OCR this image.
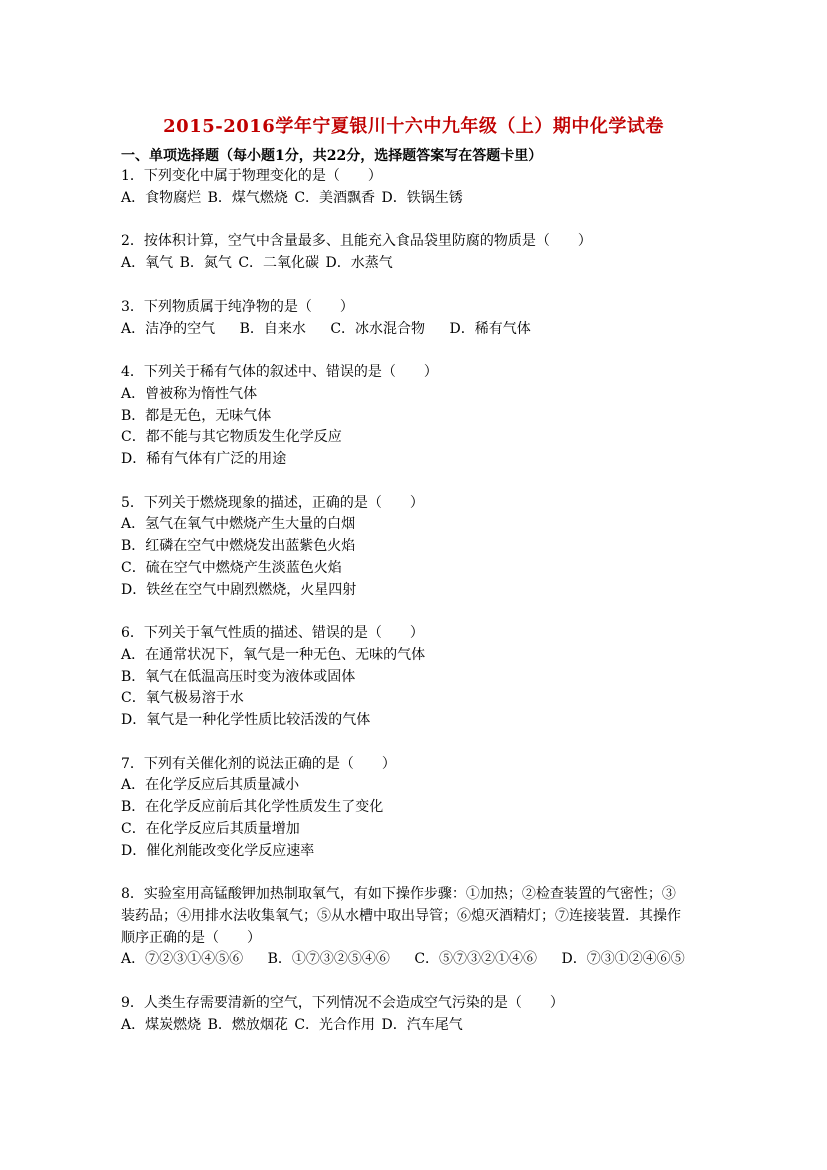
2015-2016学年宁夏银川十六中九年级（上）期中化学试卷
一、单项选择题（每小题1分，共22分，选择题答案写在答题卡里）
1．下列变化中属于物理变化的是（　　）
A．食物腐烂 B．煤气燃烧 C．美酒飘香 D．铁锅生锈
2．按体积计算，空气中含量最多、且能充入食品袋里防腐的物质是（　　）
A．氧气 B．氮气 C．二氧化碳 D．水蒸气
3．下列物质属于纯净物的是（　　）
A．洁净的空气 B．自来水 C．冰水混合物 D．稀有气体
4．下列关于稀有气体的叙述中、错误的是（　　）
A．曾被称为惰性气体
B．都是无色，无味气体
C．都不能与其它物质发生化学反应
D．稀有气体有广泛的用途
5．下列关于燃烧现象的描述，正确的是（　　）
A．氢气在氧气中燃烧产生大量的白烟
B．红磷在空气中燃烧发出蓝紫色火焰
C．硫在空气中燃烧产生淡蓝色火焰
D．铁丝在空气中剧烈燃烧，火星四射
6．下列关于氧气性质的描述、错误的是（　　）
A．在通常状况下，氧气是一种无色、无味的气体
B．氧气在低温高压时变为液体或固体
C．氧气极易溶于水
D．氧气是一种化学性质比较活泼的气体
7．下列有关催化剂的说法正确的是（　　）
A．在化学反应后其质量减小
B．在化学反应前后其化学性质发生了变化
C．在化学反应后其质量增加
D．催化剂能改变化学反应速率
8．实验室用高锰酸钾加热制取氧气，有如下操作步骤：①加热；②检查装置的气密性；③
装药品；④用排水法收集氧气；⑤从水槽中取出导管；⑥熄灭酒精灯；⑦连接装置．其操作
顺序正确的是（　　）
A．⑦②③①④⑤⑥ B．①⑦③②⑤④⑥ C．⑤⑦③②①④⑥ D．⑦③①②④⑥⑤
9．人类生存需要清新的空气，下列情况不会造成空气污染的是（　　）
A．煤炭燃烧 B．燃放烟花 C．光合作用 D．汽车尾气
